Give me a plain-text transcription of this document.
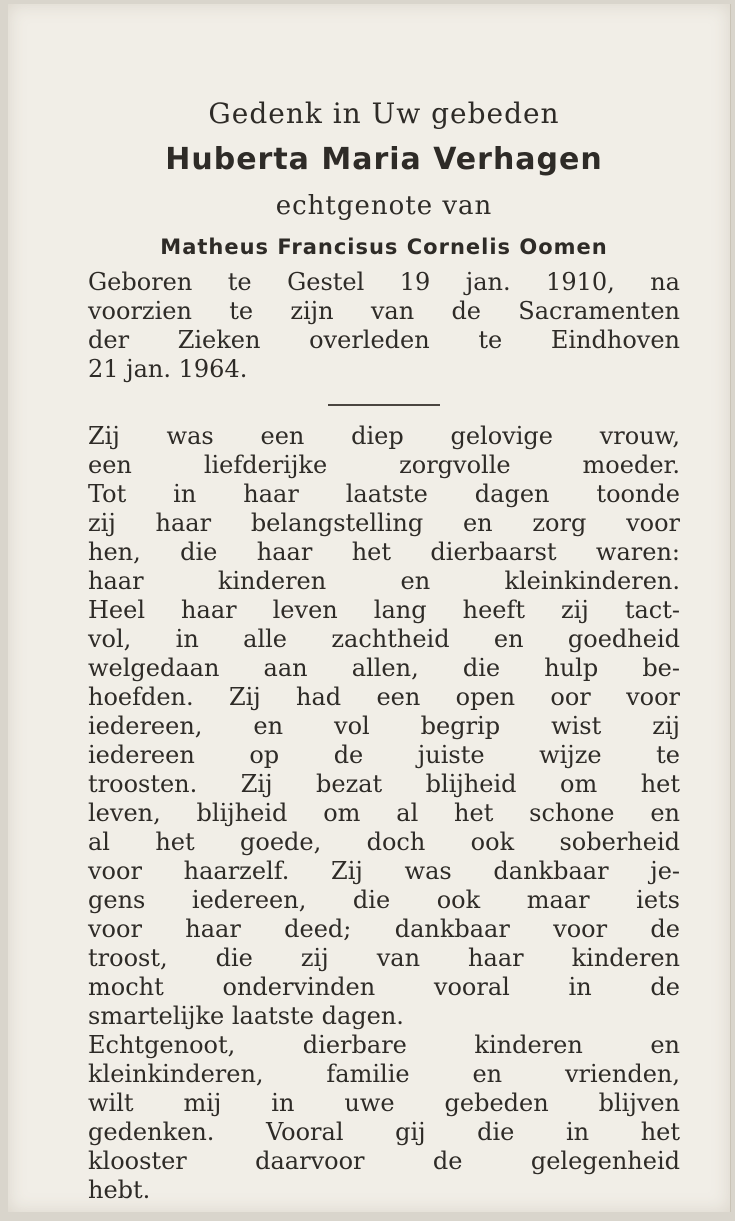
Gedenk in Uw gebeden

Huberta Maria Verhagen

echtgenote van

Matheus Francisus Cornelis Oomen

Geboren te Gestel 19 jan. 1910, na
voorzien te zijn van de Sacramenten
der Zieken overleden te Eindhoven
21 jan. 1964.
Zij was een diep gelovige vrouw,
een liefderijke zorgvolle moeder.
Tot in haar laatste dagen toonde
zij haar belangstelling en zorg voor
hen, die haar het dierbaarst waren:
haar kinderen en kleinkinderen.
Heel haar leven lang heeft zij tact-
vol, in alle zachtheid en goedheid
welgedaan aan allen, die hulp be-
hoefden. Zij had een open oor voor
iedereen, en vol begrip wist zij
iedereen op de juiste wijze te
troosten. Zij bezat blijheid om het
leven, blijheid om al het schone en
al het goede, doch ook soberheid
voor haarzelf. Zij was dankbaar je-
gens iedereen, die ook maar iets
voor haar deed; dankbaar voor de
troost, die zij van haar kinderen
mocht ondervinden vooral in de
smartelijke laatste dagen.
Echtgenoot, dierbare kinderen en
kleinkinderen, familie en vrienden,
wilt mij in uwe gebeden blijven
gedenken. Vooral gij die in het
klooster daarvoor de gelegenheid
hebt.
